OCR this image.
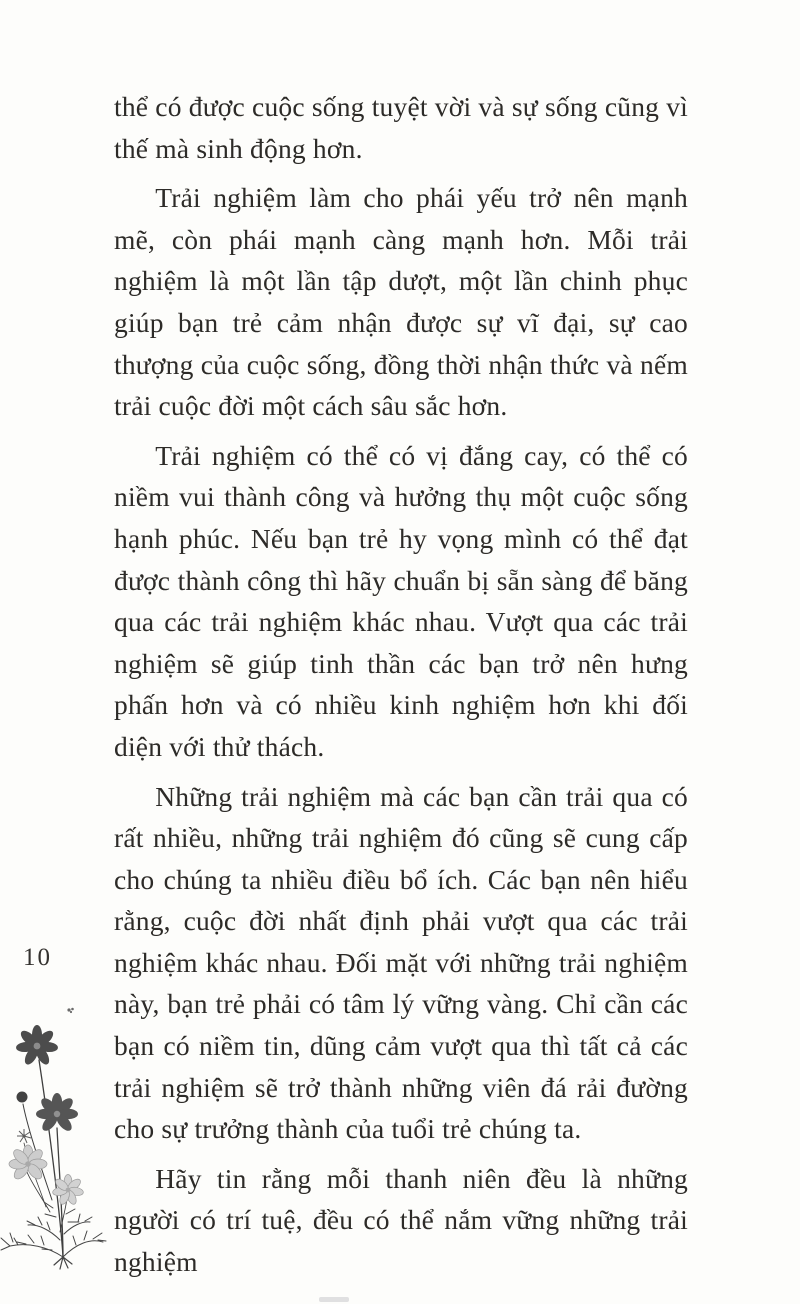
thể có được cuộc sống tuyệt vời và sự sống cũng vì thế mà sinh động hơn.

Trải nghiệm làm cho phái yếu trở nên mạnh mẽ, còn phái mạnh càng mạnh hơn. Mỗi trải nghiệm là một lần tập dượt, một lần chinh phục giúp bạn trẻ cảm nhận được sự vĩ đại, sự cao thượng của cuộc sống, đồng thời nhận thức và nếm trải cuộc đời một cách sâu sắc hơn.

Trải nghiệm có thể có vị đắng cay, có thể có niềm vui thành công và hưởng thụ một cuộc sống hạnh phúc. Nếu bạn trẻ hy vọng mình có thể đạt được thành công thì hãy chuẩn bị sẵn sàng để băng qua các trải nghiệm khác nhau. Vượt qua các trải nghiệm sẽ giúp tinh thần các bạn trở nên hưng phấn hơn và có nhiều kinh nghiệm hơn khi đối diện với thử thách.

Những trải nghiệm mà các bạn cần trải qua có rất nhiều, những trải nghiệm đó cũng sẽ cung cấp cho chúng ta nhiều điều bổ ích. Các bạn nên hiểu rằng, cuộc đời nhất định phải vượt qua các trải nghiệm khác nhau. Đối mặt với những trải nghiệm này, bạn trẻ phải có tâm lý vững vàng. Chỉ cần các bạn có niềm tin, dũng cảm vượt qua thì tất cả các trải nghiệm sẽ trở thành những viên đá rải đường cho sự trưởng thành của tuổi trẻ chúng ta.

Hãy tin rằng mỗi thanh niên đều là những người có trí tuệ, đều có thể nắm vững những trải nghiệm

10
